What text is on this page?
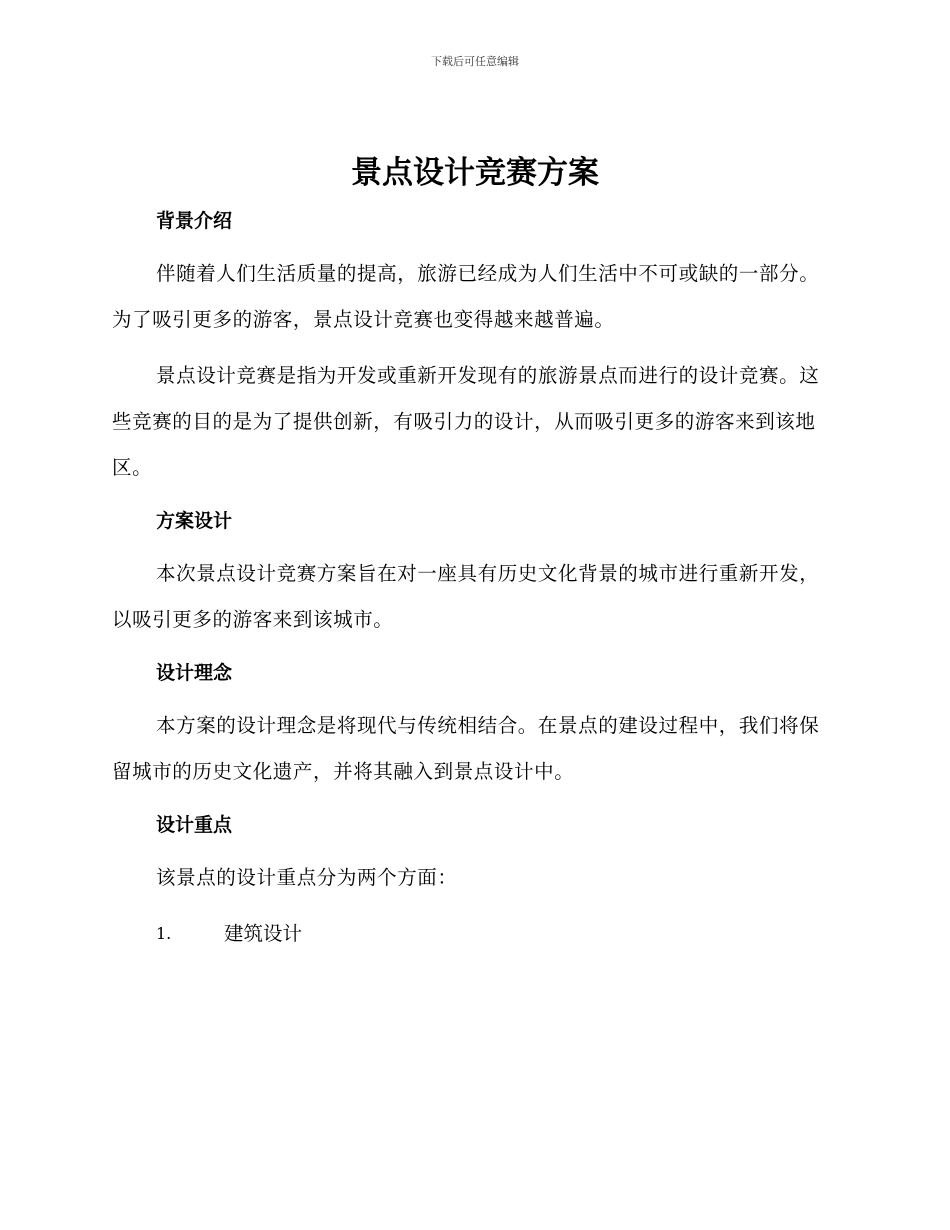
下载后可任意编辑
景点设计竞赛方案
背景介绍

伴随着人们生活质量的提高，旅游已经成为人们生活中不可或缺的一部分。为了吸引更多的游客，景点设计竞赛也变得越来越普遍。

景点设计竞赛是指为开发或重新开发现有的旅游景点而进行的设计竞赛。这些竞赛的目的是为了提供创新，有吸引力的设计，从而吸引更多的游客来到该地区。

方案设计

本次景点设计竞赛方案旨在对一座具有历史文化背景的城市进行重新开发，以吸引更多的游客来到该城市。

设计理念

本方案的设计理念是将现代与传统相结合。在景点的建设过程中，我们将保留城市的历史文化遗产，并将其融入到景点设计中。

设计重点

该景点的设计重点分为两个方面：

1.	建筑设计
